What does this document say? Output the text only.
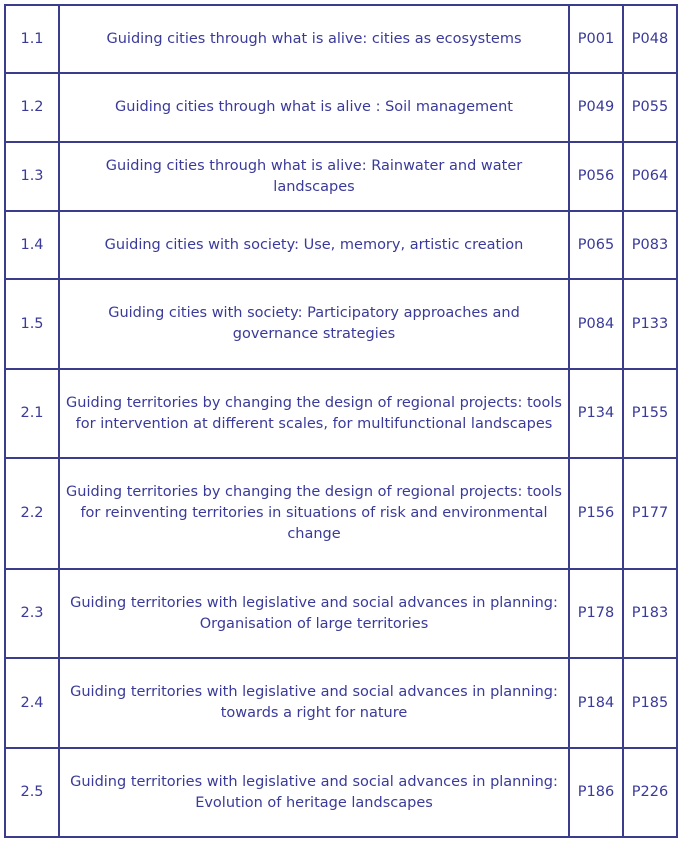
1.1	Guiding cities through what is alive: cities as ecosystems	P001	P048
1.2	Guiding cities through what is alive : Soil management	P049	P055
1.3	Guiding cities through what is alive: Rainwater and water landscapes	P056	P064
1.4	Guiding cities with society: Use, memory, artistic creation	P065	P083
1.5	Guiding cities with society: Participatory approaches and governance strategies	P084	P133
2.1	Guiding territories by changing the design of regional projects: tools for intervention at different scales, for multifunctional landscapes	P134	P155
2.2	Guiding territories by changing the design of regional projects: tools for reinventing territories in situations of risk and environmental change	P156	P177
2.3	Guiding territories with legislative and social advances in planning: Organisation of large territories	P178	P183
2.4	Guiding territories with legislative and social advances in planning: towards a right for nature	P184	P185
2.5	Guiding territories with legislative and social advances in planning: Evolution of heritage landscapes	P186	P226
